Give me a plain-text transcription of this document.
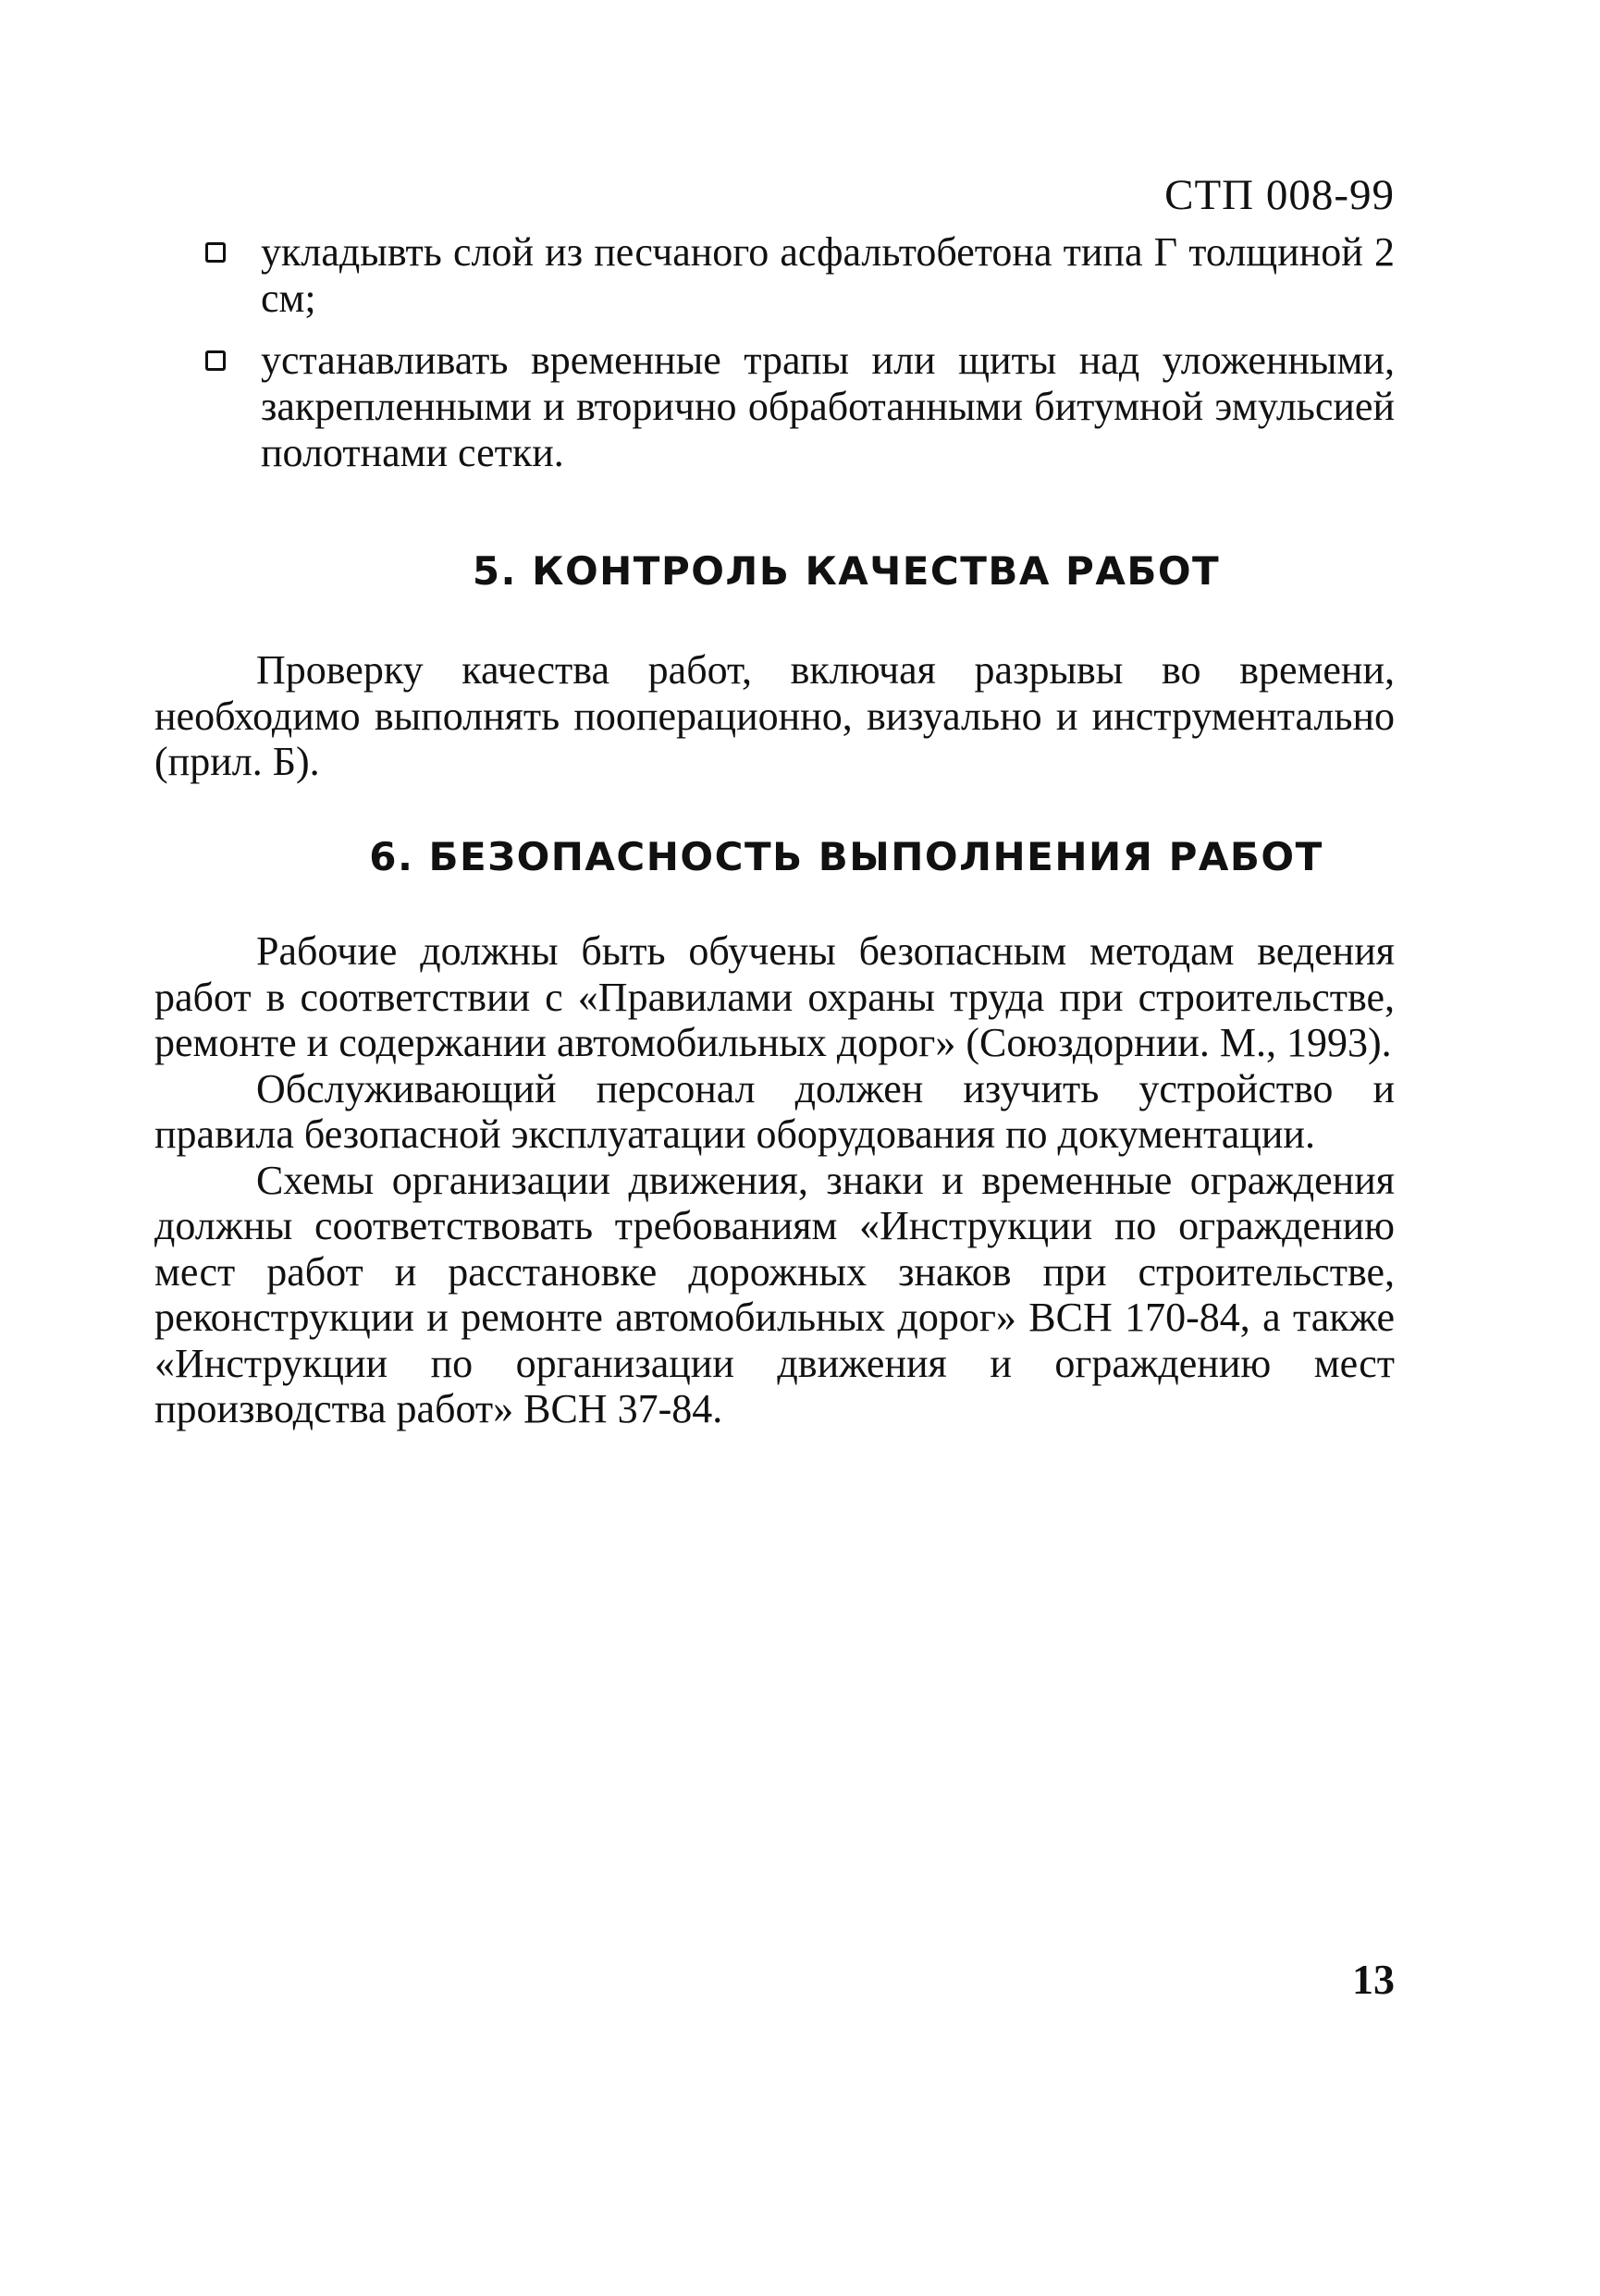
СТП 008-99
укладывть слой из песчаного асфальтобетона типа Г толщиной 2 см;
устанавливать временные трапы или щиты над уложенными, закрепленными и вторично обработанными битумной эмульсией полотнами сетки.
5. КОНТРОЛЬ КАЧЕСТВА РАБОТ

Проверку качества работ, включая разрывы во времени, необходимо выполнять пооперационно, визуально и инструментально (прил. Б).

6. БЕЗОПАСНОСТЬ ВЫПОЛНЕНИЯ РАБОТ

Рабочие должны быть обучены безопасным методам ведения работ в соответствии с «Правилами охраны труда при строительстве, ремонте и содержании автомобильных дорог» (Союздорнии. М., 1993).

Обслуживающий персонал должен изучить устройство и правила безопасной эксплуатации оборудования по документации.

Схемы организации движения, знаки и временные ограждения должны соответствовать требованиям «Инструкции по ограждению мест работ и расстановке дорожных знаков при строительстве, реконструкции и ремонте автомобильных дорог» ВСН 170-84, а также «Инструкции по организации движения и ограждению мест производства работ» ВСН 37-84.

13
